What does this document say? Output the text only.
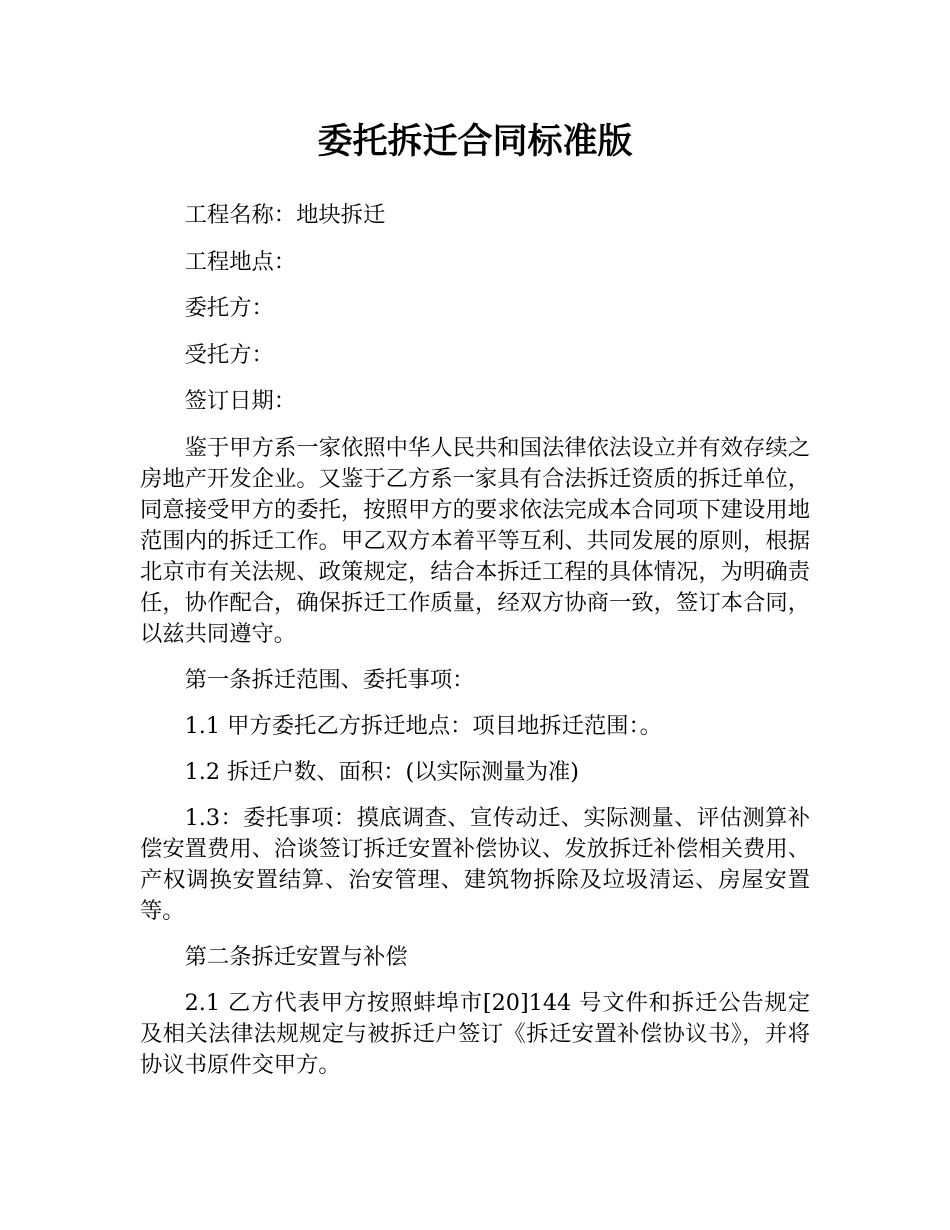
委托拆迁合同标准版

工程名称：地块拆迁

工程地点：

委托方：

受托方：

签订日期：

鉴于甲方系一家依照中华人民共和国法律依法设立并有效存续之房地产开发企业。又鉴于乙方系一家具有合法拆迁资质的拆迁单位，同意接受甲方的委托，按照甲方的要求依法完成本合同项下建设用地范围内的拆迁工作。甲乙双方本着平等互利、共同发展的原则，根据北京市有关法规、政策规定，结合本拆迁工程的具体情况，为明确责任，协作配合，确保拆迁工作质量，经双方协商一致，签订本合同，以兹共同遵守。

第一条拆迁范围、委托事项：

1.1 甲方委托乙方拆迁地点：项目地拆迁范围：。

1.2 拆迁户数、面积：(以实际测量为准)

1.3：委托事项：摸底调查、宣传动迁、实际测量、评估测算补偿安置费用、洽谈签订拆迁安置补偿协议、发放拆迁补偿相关费用、产权调换安置结算、治安管理、建筑物拆除及垃圾清运、房屋安置等。

第二条拆迁安置与补偿

2.1 乙方代表甲方按照蚌埠市[20]144 号文件和拆迁公告规定及相关法律法规规定与被拆迁户签订《拆迁安置补偿协议书》，并将协议书原件交甲方。
